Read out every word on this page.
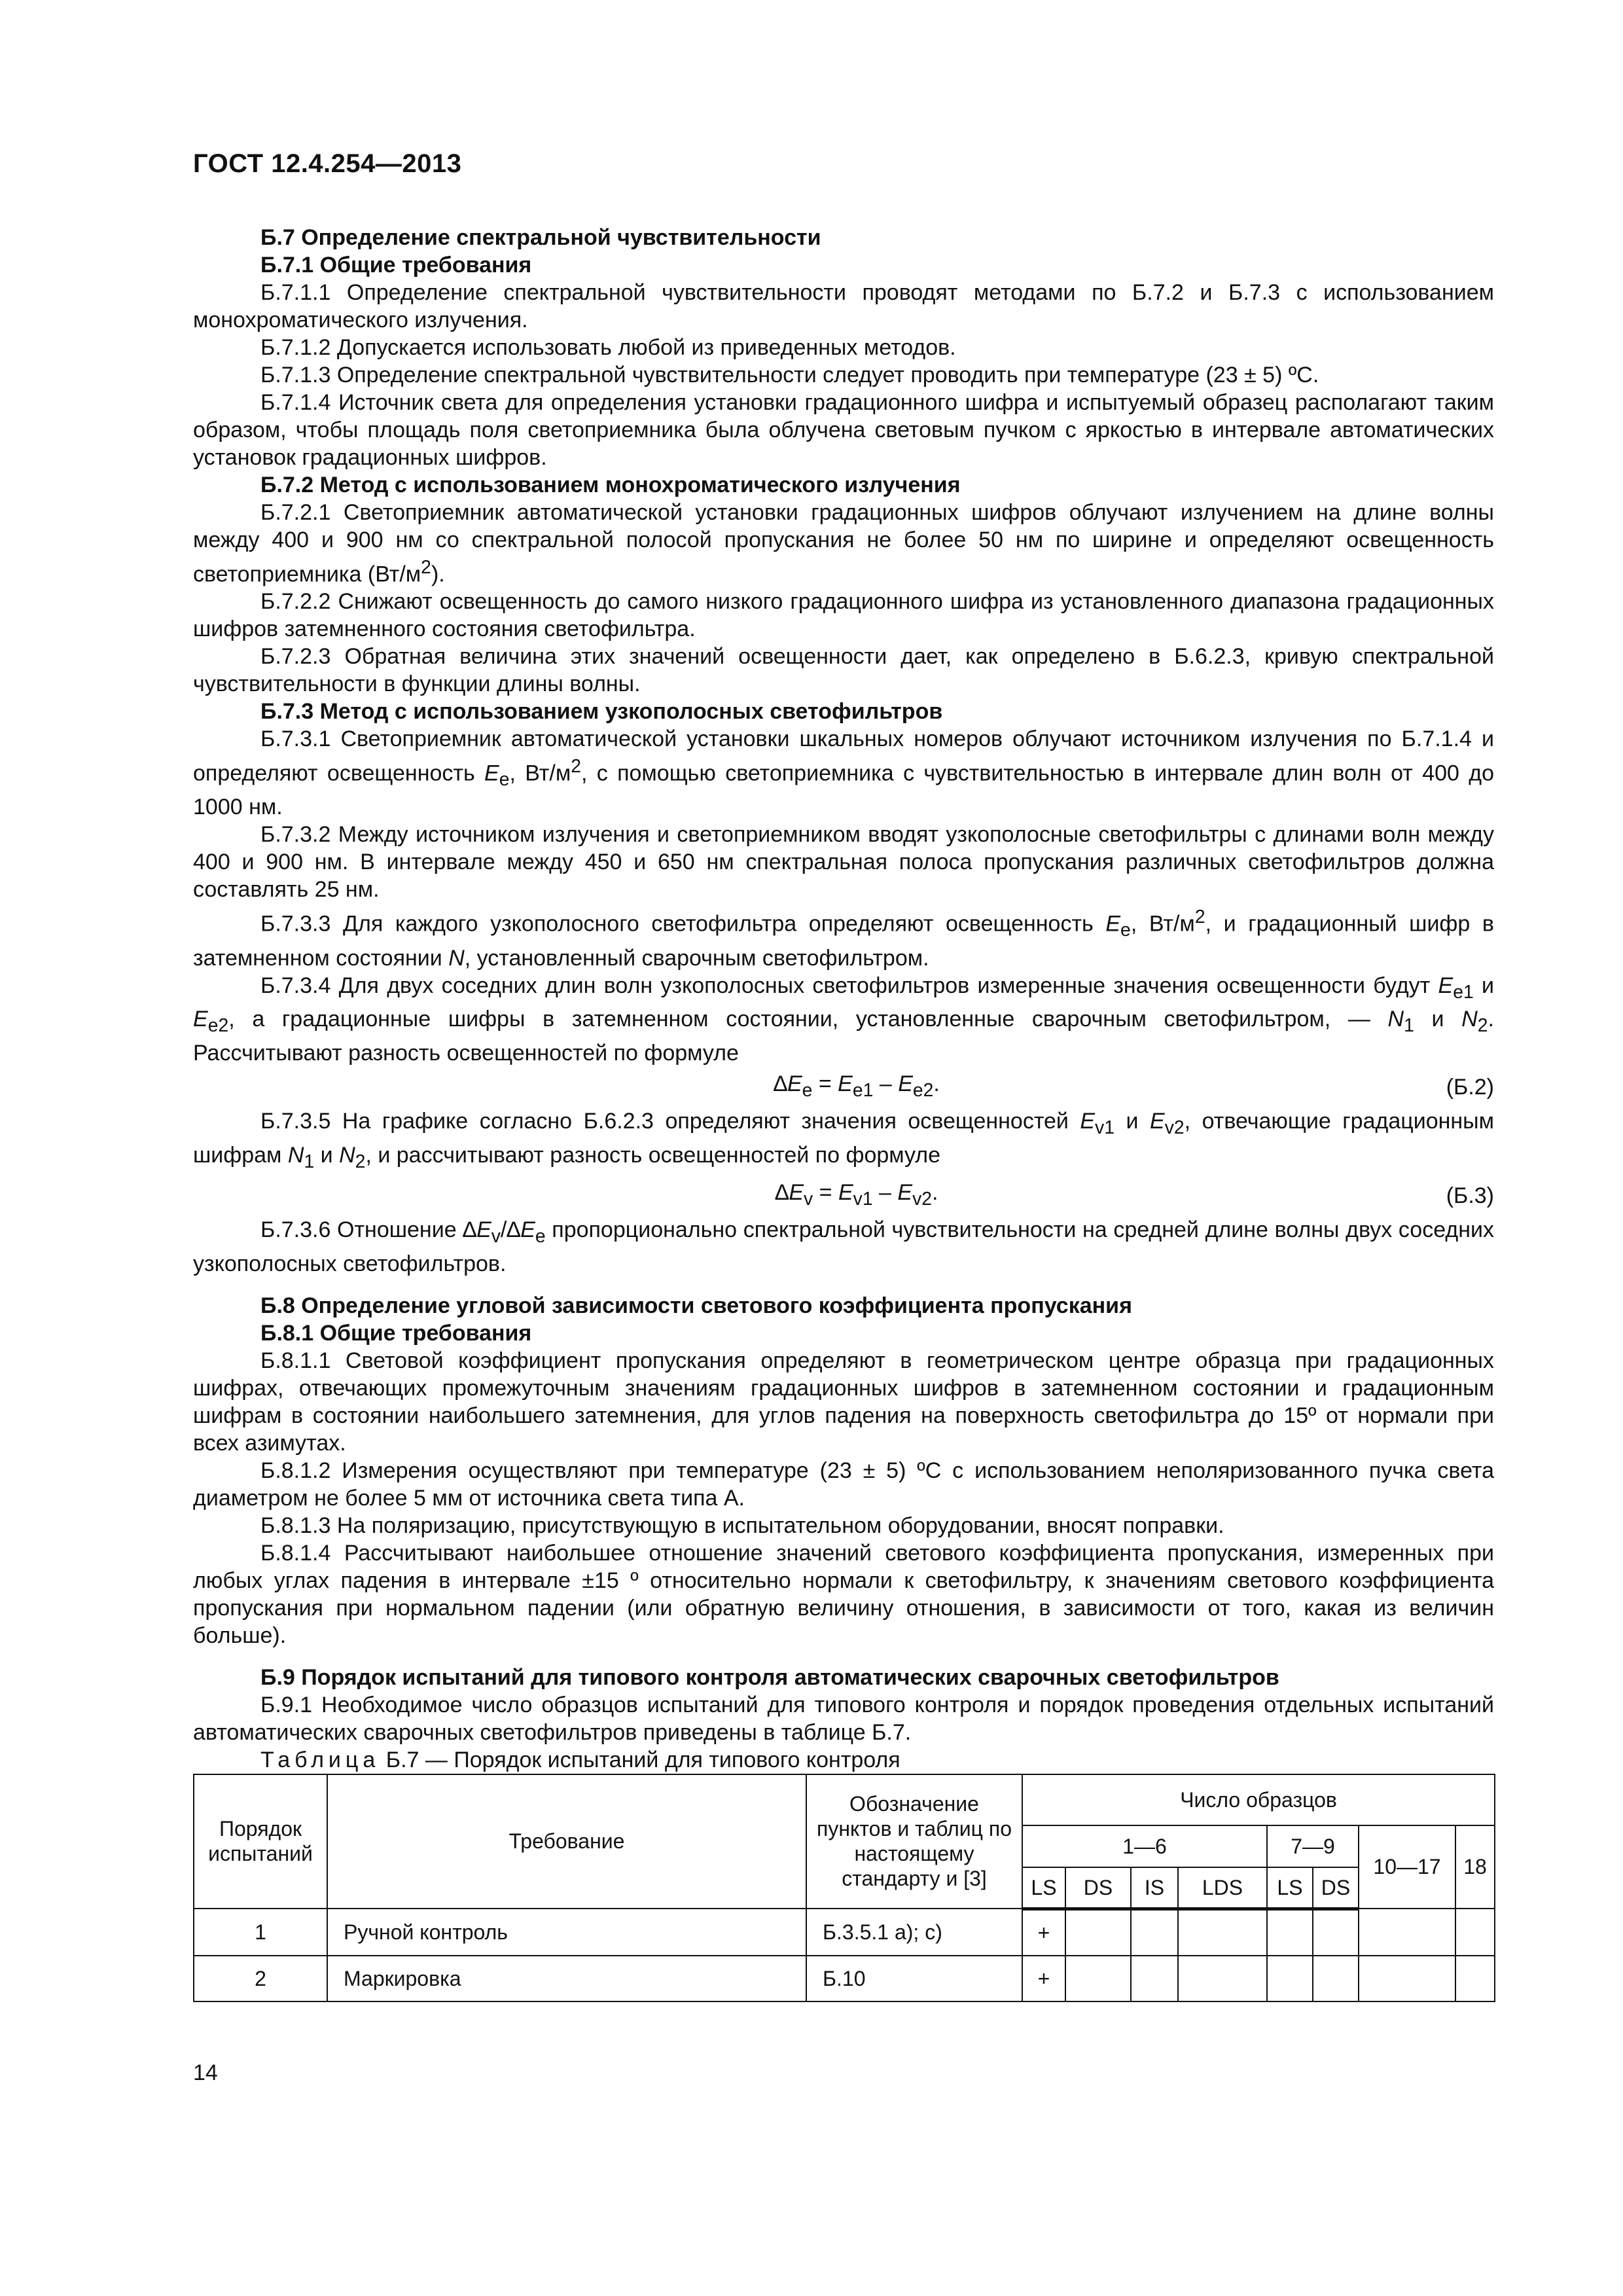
ГОСТ 12.4.254—2013

Б.7 Определение спектральной чувствительности

Б.7.1 Общие требования

Б.7.1.1 Определение спектральной чувствительности проводят методами по Б.7.2 и Б.7.3 с использованием монохроматического излучения.

Б.7.1.2 Допускается использовать любой из приведенных методов.

Б.7.1.3 Определение спектральной чувствительности следует проводить при температуре (23 ± 5) ºС.

Б.7.1.4 Источник света для определения установки градационного шифра и испытуемый образец располагают таким образом, чтобы площадь поля светоприемника была облучена световым пучком с яркостью в интервале автоматических установок градационных шифров.

Б.7.2 Метод с использованием монохроматического излучения

Б.7.2.1 Светоприемник автоматической установки градационных шифров облучают излучением на длине волны между 400 и 900 нм со спектральной полосой пропускания не более 50 нм по ширине и определяют освещенность светоприемника $(Вт/м^2)$.

Б.7.2.2 Снижают освещенность до самого низкого градационного шифра из установленного диапазона градационных шифров затемненного состояния светофильтра.

Б.7.2.3 Обратная величина этих значений освещенности дает, как определено в Б.6.2.3, кривую спектральной чувствительности в функции длины волны.

Б.7.3 Метод с использованием узкополосных светофильтров

Б.7.3.1 Светоприемник автоматической установки шкальных номеров облучают источником излучения по Б.7.1.4 и определяют освещенность $E_e$, $Вт/м^2$, с помощью светоприемника с чувствительностью в интервале длин волн от 400 до 1000 нм.

Б.7.3.2 Между источником излучения и светоприемником вводят узкополосные светофильтры с длинами волн между 400 и 900 нм. В интервале между 450 и 650 нм спектральная полоса пропускания различных светофильтров должна составлять 25 нм.

Б.7.3.3 Для каждого узкополосного светофильтра определяют освещенность $E_e$, $Вт/м^2$, и градационный шифр в затемненном состоянии N, установленный сварочным светофильтром.

Б.7.3.4 Для двух соседних длин волн узкополосных светофильтров измеренные значения освещенности будут $E_{e1}$ и $E_{e2}$, а градационные шифры в затемненном состоянии, установленные сварочным светофильтром, — $N_1$ и $N_2$. Рассчитывают разность освещенностей по формуле

$\Delta E_e = E_{e1} - E_{e2}$.	(Б.2)

Б.7.3.5 На графике согласно Б.6.2.3 определяют значения освещенностей $E_{v1}$ и $E_{v2}$, отвечающие градационным шифрам $N_1$ и $N_2$, и рассчитывают разность освещенностей по формуле

$\Delta E_v = E_{v1} - E_{v2}$.	(Б.3)

Б.7.3.6 Отношение $\Delta E_v/\Delta E_e$ пропорционально спектральной чувствительности на средней длине волны двух соседних узкополосных светофильтров.

Б.8 Определение угловой зависимости светового коэффициента пропускания

Б.8.1 Общие требования

Б.8.1.1 Световой коэффициент пропускания определяют в геометрическом центре образца при градационных шифрах, отвечающих промежуточным значениям градационных шифров в затемненном состоянии и градационным шифрам в состоянии наибольшего затемнения, для углов падения на поверхность светофильтра до 15º от нормали при всех азимутах.

Б.8.1.2 Измерения осуществляют при температуре (23 ± 5) ºС с использованием неполяризованного пучка света диаметром не более 5 мм от источника света типа А.

Б.8.1.3 На поляризацию, присутствующую в испытательном оборудовании, вносят поправки.

Б.8.1.4 Рассчитывают наибольшее отношение значений светового коэффициента пропускания, измеренных при любых углах падения в интервале ±15 º относительно нормали к светофильтру, к значениям светового коэффициента пропускания при нормальном падении (или обратную величину отношения, в зависимости от того, какая из величин больше).

Б.9 Порядок испытаний для типового контроля автоматических сварочных светофильтров

Б.9.1 Необходимое число образцов испытаний для типового контроля и порядок проведения отдельных испытаний автоматических сварочных светофильтров приведены в таблице Б.7.

Таблица Б.7 — Порядок испытаний для типового контроля

Порядок испытаний	Требование	Обозначение пунктов и таблиц по настоящему стандарту и [3]	Число образцов							
			1—6				7—9		10—17	18
			LS	DS	IS	LDS	LS	DS		
1	Ручной контроль	Б.3.5.1 а); с)	+							
2	Маркировка	Б.10	+							
14
